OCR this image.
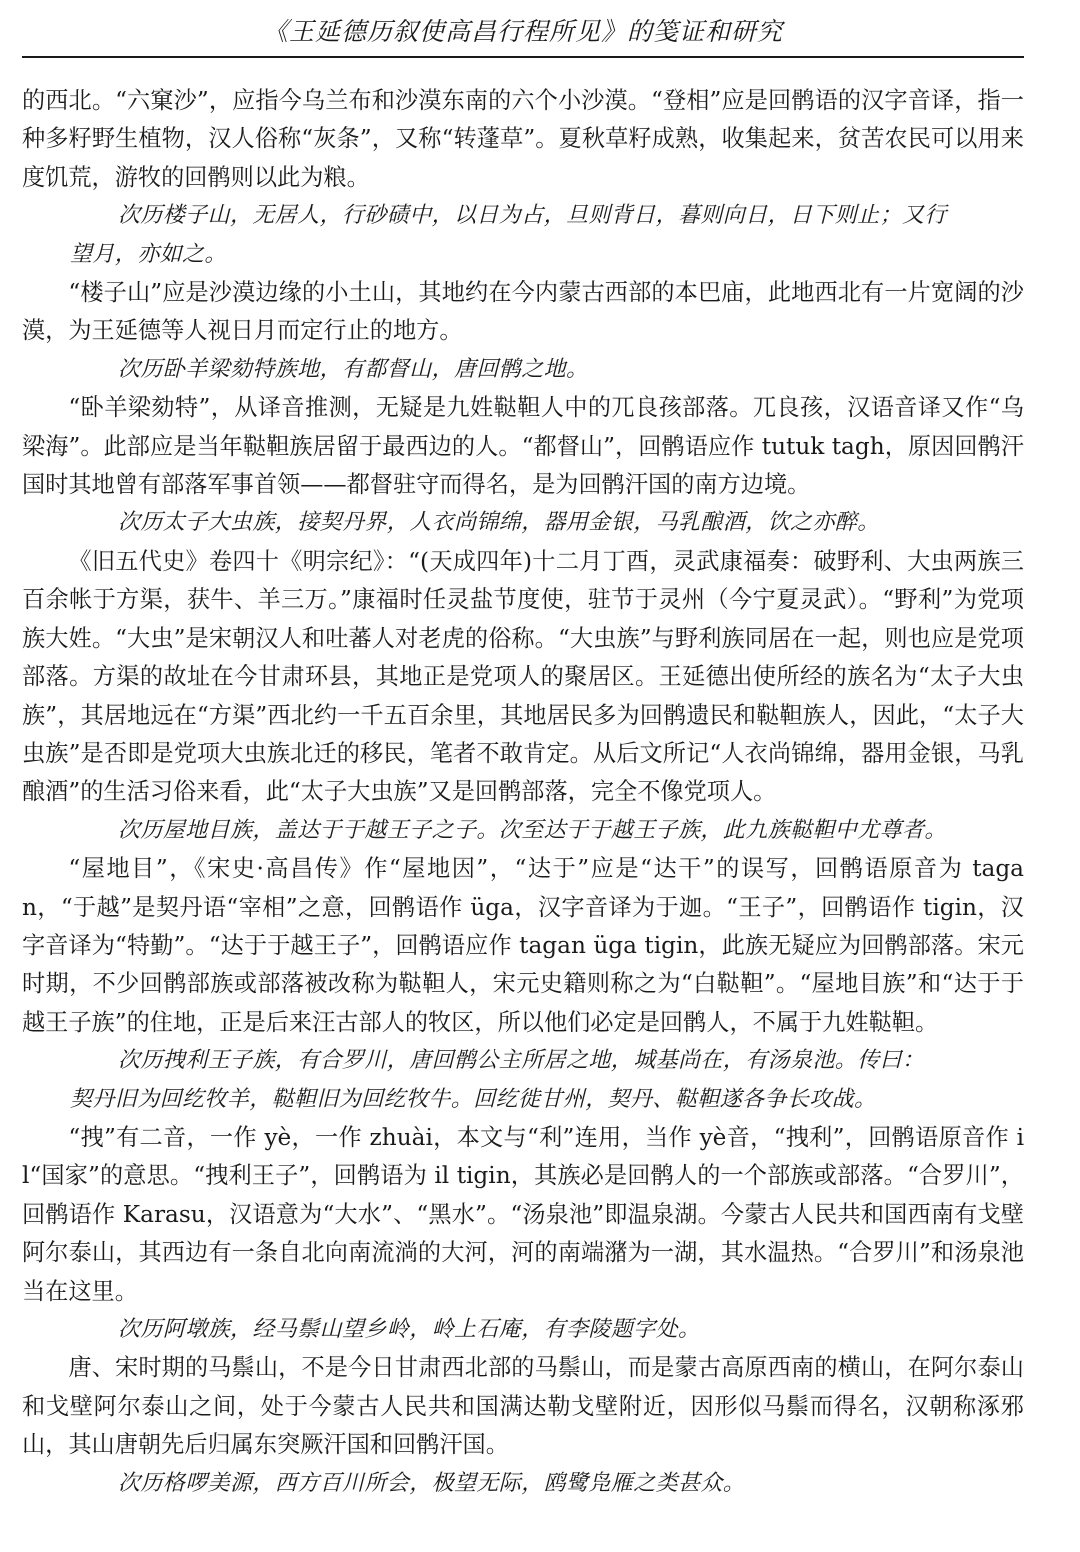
《王延德历叙使高昌行程所见》的笺证和研究

的西北。“六窠沙”，应指今乌兰布和沙漠东南的六个小沙漠。“登相”应是回鹘语的汉字音译，指一种多籽野生植物，汉人俗称“灰条”，又称“转蓬草”。夏秋草籽成熟，收集起来，贫苦农民可以用来度饥荒，游牧的回鹘则以此为粮。

次历楼子山，无居人，行砂碛中，以日为占，旦则背日，暮则向日，日下则止；又行

望月，亦如之。

“楼子山”应是沙漠边缘的小土山，其地约在今内蒙古西部的本巴庙，此地西北有一片宽阔的沙漠，为王延德等人视日月而定行止的地方。

次历卧羊梁劾特族地，有都督山，唐回鹘之地。

“卧羊梁劾特”，从译音推测，无疑是九姓鞑靼人中的兀良孩部落。兀良孩，汉语音译又作“乌梁海”。此部应是当年鞑靼族居留于最西边的人。“都督山”，回鹘语应作 tutuk tagh，原因回鹘汗国时其地曾有部落军事首领——都督驻守而得名，是为回鹘汗国的南方边境。

次历太子大虫族，接契丹界，人衣尚锦绵，器用金银，马乳酿酒，饮之亦醉。

《旧五代史》卷四十《明宗纪》：“(天成四年)十二月丁酉，灵武康福奏：破野利、大虫两族三百余帐于方渠，获牛、羊三万。”康福时任灵盐节度使，驻节于灵州（今宁夏灵武）。“野利”为党项族大姓。“大虫”是宋朝汉人和吐蕃人对老虎的俗称。“大虫族”与野利族同居在一起，则也应是党项部落。方渠的故址在今甘肃环县，其地正是党项人的聚居区。王延德出使所经的族名为“太子大虫族”，其居地远在“方渠”西北约一千五百余里，其地居民多为回鹘遗民和鞑靼族人，因此，“太子大虫族”是否即是党项大虫族北迁的移民，笔者不敢肯定。从后文所记“人衣尚锦绵，器用金银，马乳酿酒”的生活习俗来看，此“太子大虫族”又是回鹘部落，完全不像党项人。

次历屋地目族，盖达于于越王子之子。次至达于于越王子族，此九族鞑靼中尤尊者。

“屋地目”，《宋史·高昌传》作“屋地因”，“达于”应是“达干”的误写，回鹘语原音为 tagan，“于越”是契丹语“宰相”之意，回鹘语作 üga，汉字音译为于迦。“王子”，回鹘语作 tigin，汉字音译为“特勤”。“达于于越王子”，回鹘语应作 tagan üga tigin，此族无疑应为回鹘部落。宋元时期，不少回鹘部族或部落被改称为鞑靼人，宋元史籍则称之为“白鞑靼”。“屋地目族”和“达于于越王子族”的住地，正是后来汪古部人的牧区，所以他们必定是回鹘人，不属于九姓鞑靼。

次历拽利王子族，有合罗川，唐回鹘公主所居之地，城基尚在，有汤泉池。传曰：

契丹旧为回纥牧羊，鞑靼旧为回纥牧牛。回纥徙甘州，契丹、鞑靼遂各争长攻战。

“拽”有二音，一作 yè，一作 zhuài，本文与“利”连用，当作 yè音，“拽利”，回鹘语原音作 il“国家”的意思。“拽利王子”，回鹘语为 il tigin，其族必是回鹘人的一个部族或部落。“合罗川”，回鹘语作 Karasu，汉语意为“大水”、“黑水”。“汤泉池”即温泉湖。今蒙古人民共和国西南有戈壁阿尔泰山，其西边有一条自北向南流淌的大河，河的南端潴为一湖，其水温热。“合罗川”和汤泉池当在这里。

次历阿墩族，经马鬃山望乡岭，岭上石庵，有李陵题字处。

唐、宋时期的马鬃山，不是今日甘肃西北部的马鬃山，而是蒙古高原西南的横山，在阿尔泰山和戈壁阿尔泰山之间，处于今蒙古人民共和国满达勒戈壁附近，因形似马鬃而得名，汉朝称涿邪山，其山唐朝先后归属东突厥汗国和回鹘汗国。

次历格啰美源，西方百川所会，极望无际，鸥鹭凫雁之类甚众。
